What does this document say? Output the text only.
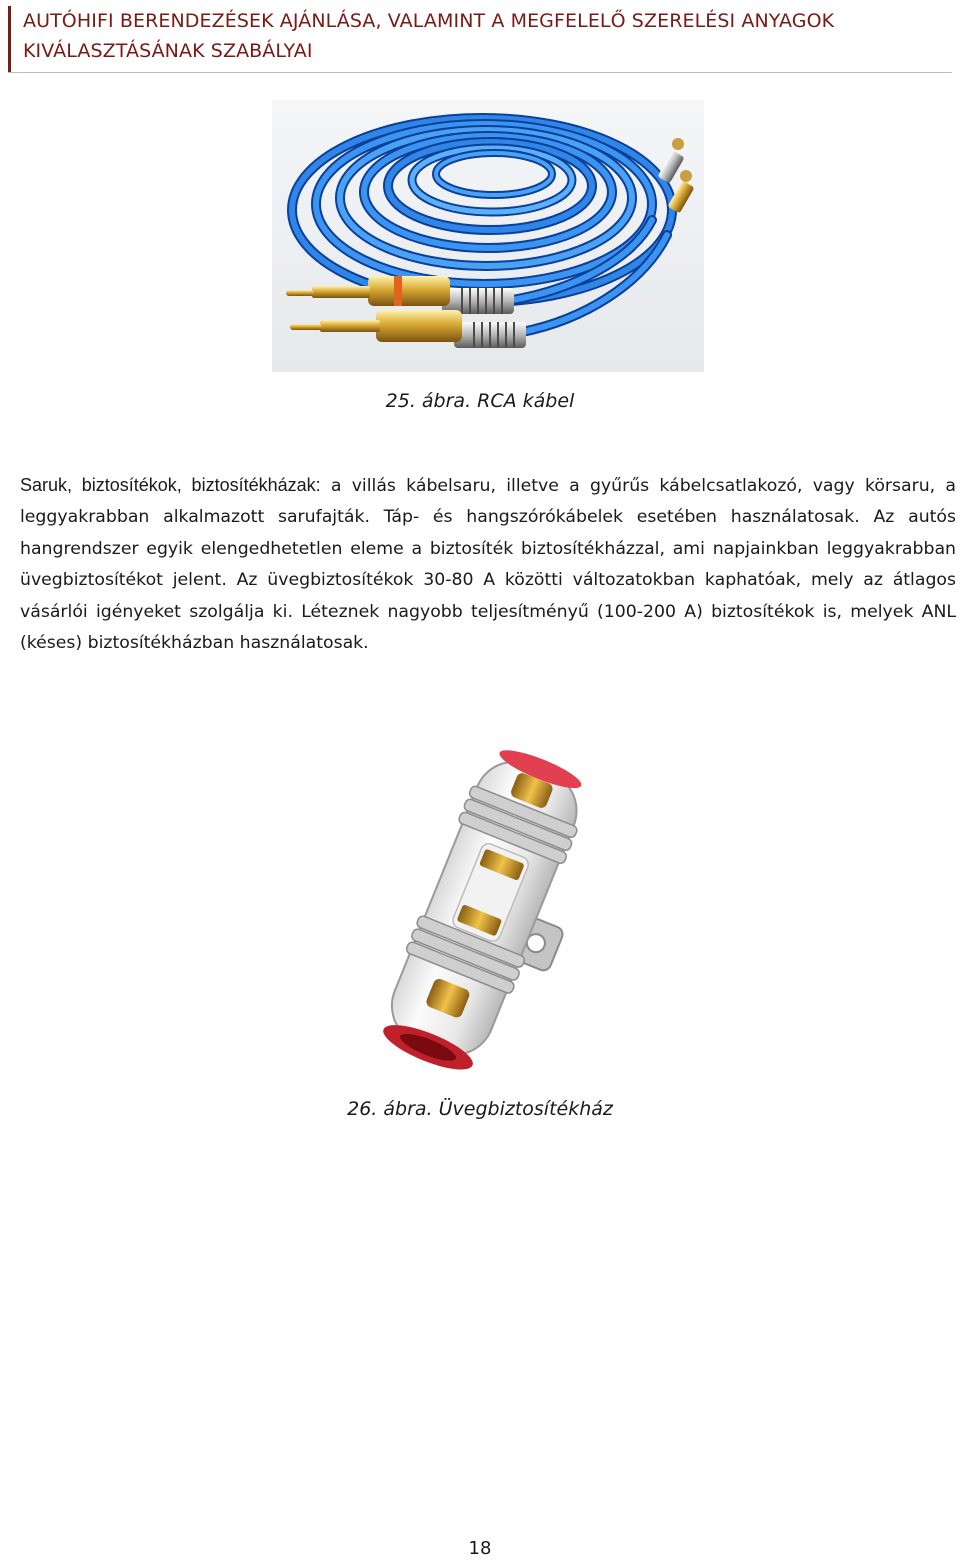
AUTÓHIFI BERENDEZÉSEK AJÁNLÁSA, VALAMINT A MEGFELELŐ SZERELÉSI ANYAGOK
KIVÁLASZTÁSÁNAK SZABÁLYAI
25. ábra. RCA kábel
Saruk, biztosítékok, biztosítékházak: a villás kábelsaru, illetve a gyűrűs kábelcsatlakozó, vagy körsaru, a leggyakrabban alkalmazott sarufajták. Táp- és hangszórókábelek esetében használatosak. Az autós hangrendszer egyik elengedhetetlen eleme a biztosíték biztosítékházzal, ami napjainkban leggyakrabban üvegbiztosítékot jelent. Az üvegbiztosítékok 30-80 A közötti változatokban kaphatóak, mely az átlagos vásárlói igényeket szolgálja ki. Léteznek nagyobb teljesítményű (100-200 A) biztosítékok is, melyek ANL (késes) biztosítékházban használatosak.
26. ábra. Üvegbiztosítékház
18
